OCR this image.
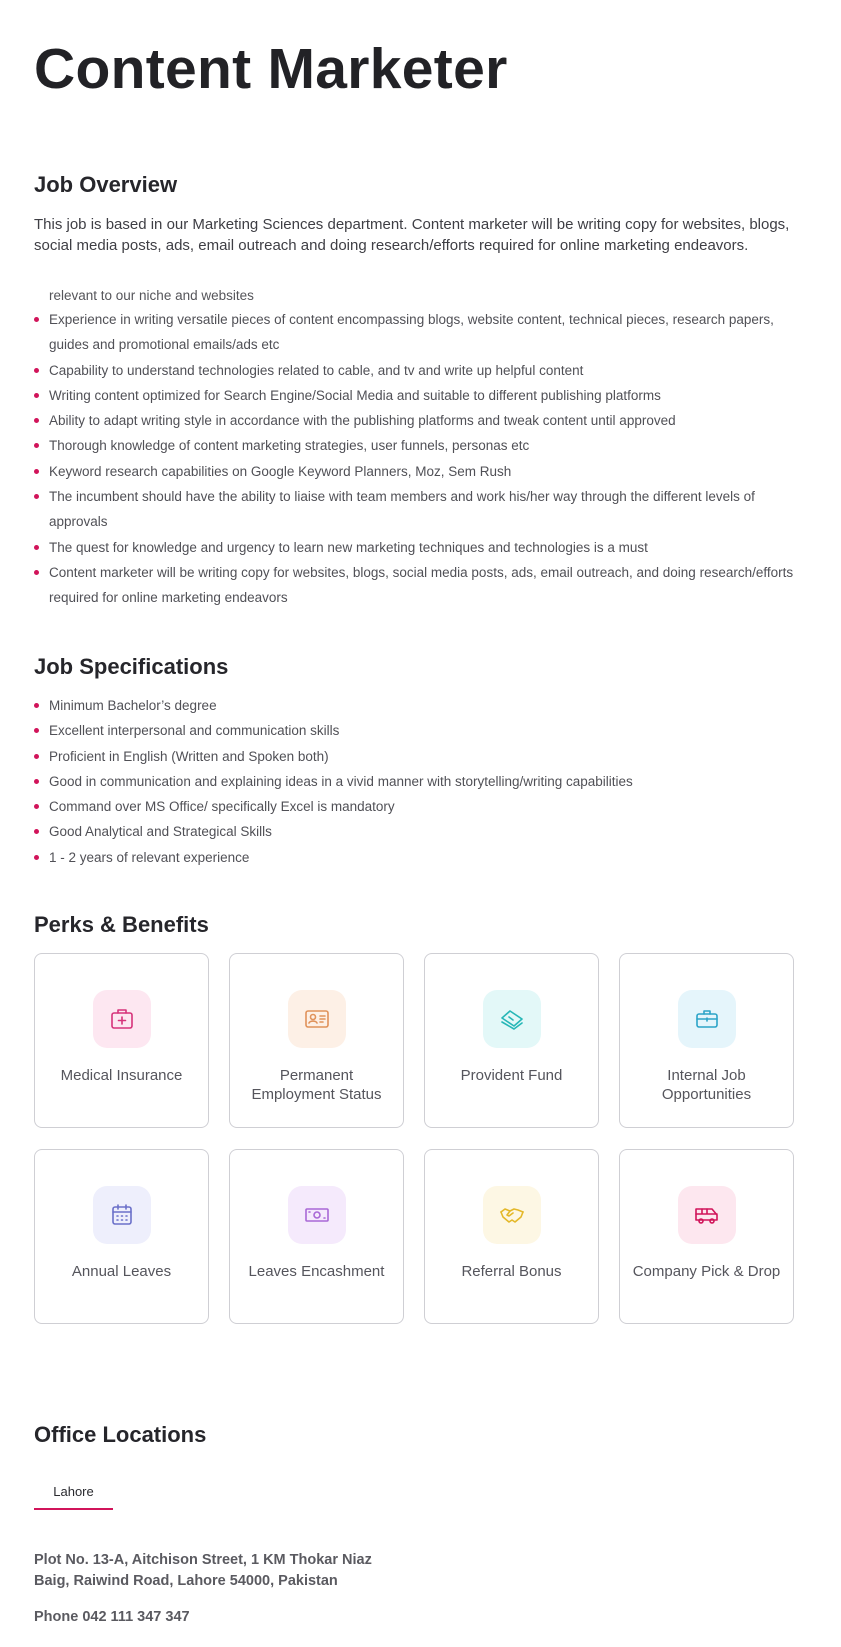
Content Marketer
Job Overview

This job is based in our Marketing Sciences department. Content marketer will be writing copy for websites, blogs, social media posts, ads, email outreach and doing research/efforts required for online marketing endeavors.

relevant to our niche and websites
Experience in writing versatile pieces of content encompassing blogs, website content, technical pieces, research papers, guides and promotional emails/ads etc
Capability to understand technologies related to cable, and tv and write up helpful content
Writing content optimized for Search Engine/Social Media and suitable to different publishing platforms
Ability to adapt writing style in accordance with the publishing platforms and tweak content until approved
Thorough knowledge of content marketing strategies, user funnels, personas etc
Keyword research capabilities on Google Keyword Planners, Moz, Sem Rush
The incumbent should have the ability to liaise with team members and work his/her way through the different levels of approvals
The quest for knowledge and urgency to learn new marketing techniques and technologies is a must
Content marketer will be writing copy for websites, blogs, social media posts, ads, email outreach, and doing research/efforts required for online marketing endeavors
Job Specifications
Minimum Bachelor’s degree
Excellent interpersonal and communication skills
Proficient in English (Written and Spoken both)
Good in communication and explaining ideas in a vivid manner with storytelling/writing capabilities
Command over MS Office/ specifically Excel is mandatory
Good Analytical and Strategical Skills
1 - 2 years of relevant experience
Perks & Benefits
Medical Insurance	Permanent Employment Status
Provident Fund	Internal Job Opportunities
Annual Leaves	Leaves Encashment	Referral Bonus	Company Pick & Drop
Office Locations
Lahore
Plot No. 13-A, Aitchison Street, 1 KM Thokar Niaz
Baig, Raiwind Road, Lahore 54000, Pakistan
Phone 042 111 347 347
